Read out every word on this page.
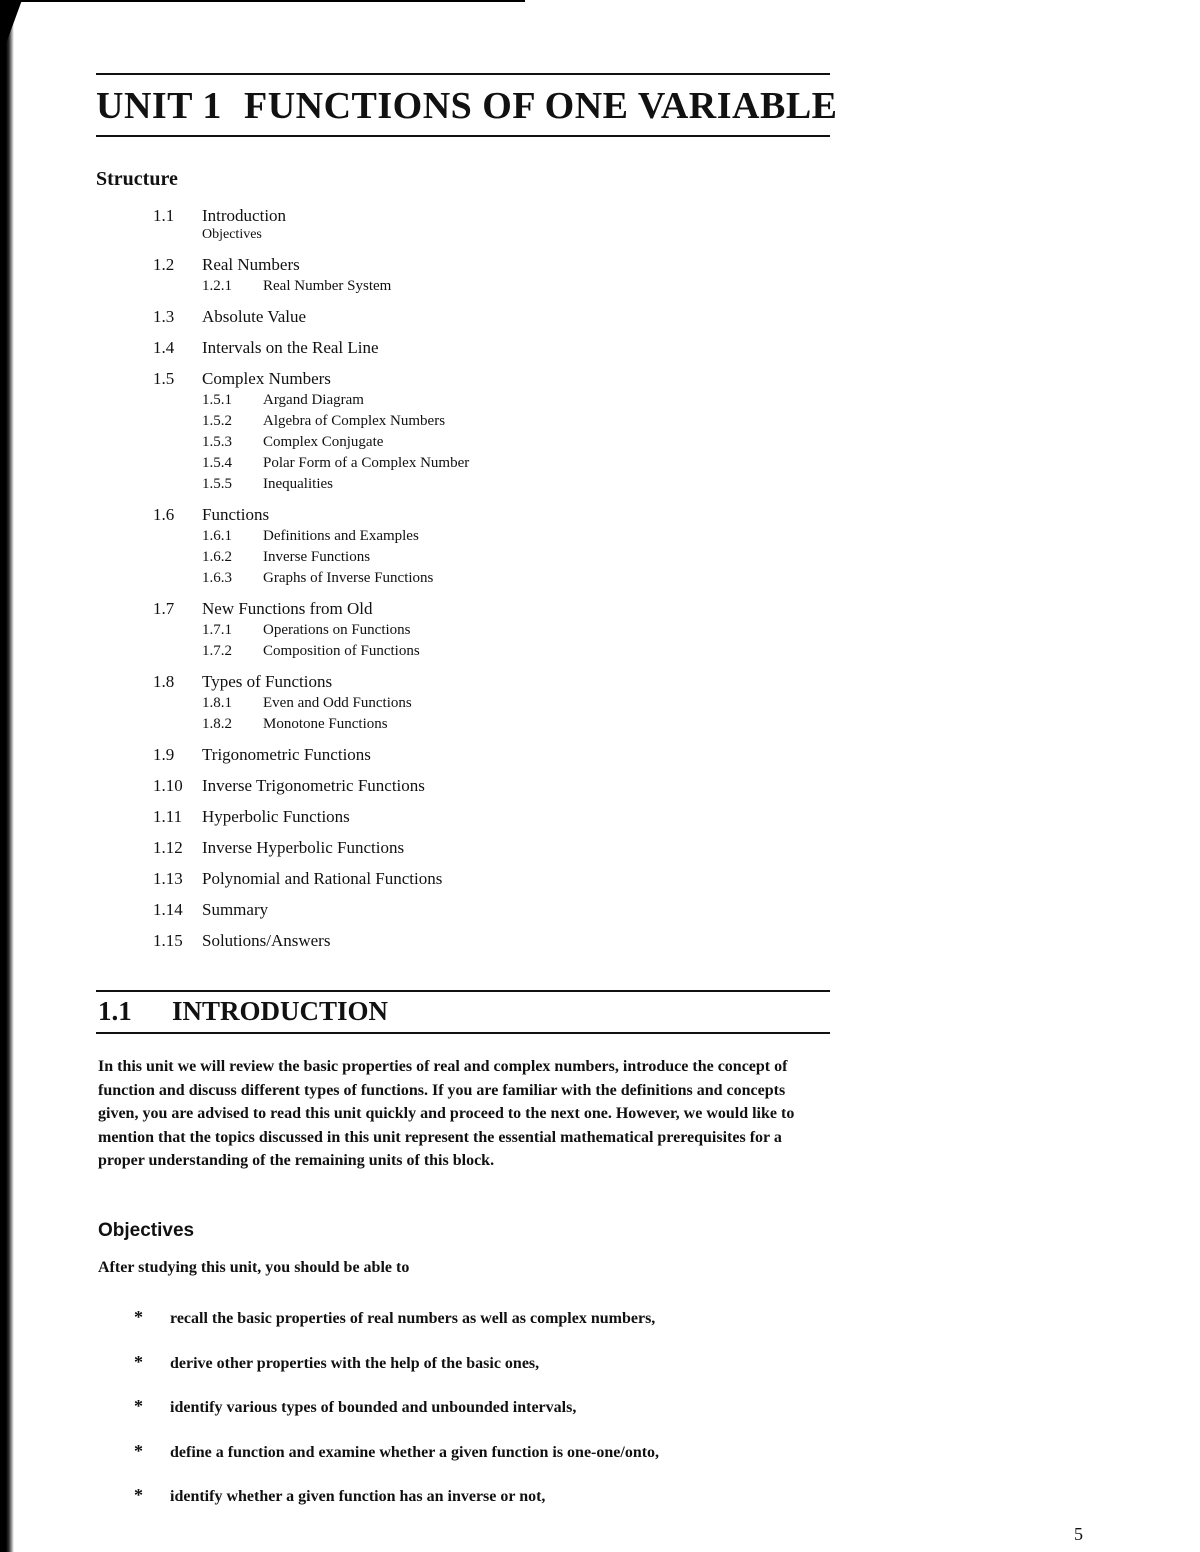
UNIT 1 FUNCTIONS OF ONE VARIABLE
Structure
1.1 Introduction
Objectives
1.2 Real Numbers
1.2.1 Real Number System
1.3 Absolute Value
1.4 Intervals on the Real Line
1.5 Complex Numbers
1.5.1 Argand Diagram
1.5.2 Algebra of Complex Numbers
1.5.3 Complex Conjugate
1.5.4 Polar Form of a Complex Number
1.5.5 Inequalities
1.6 Functions
1.6.1 Definitions and Examples
1.6.2 Inverse Functions
1.6.3 Graphs of Inverse Functions
1.7 New Functions from Old
1.7.1 Operations on Functions
1.7.2 Composition of Functions
1.8 Types of Functions
1.8.1 Even and Odd Functions
1.8.2 Monotone Functions
1.9 Trigonometric Functions
1.10 Inverse Trigonometric Functions
1.11 Hyperbolic Functions
1.12 Inverse Hyperbolic Functions
1.13 Polynomial and Rational Functions
1.14 Summary
1.15 Solutions/Answers
1.1 INTRODUCTION

In this unit we will review the basic properties of real and complex numbers, introduce the concept of function and discuss different types of functions. If you are familiar with the definitions and concepts given, you are advised to read this unit quickly and proceed to the next one. However, we would like to mention that the topics discussed in this unit represent the essential mathematical prerequisites for a proper understanding of the remaining units of this block.

Objectives

After studying this unit, you should be able to

* recall the basic properties of real numbers as well as complex numbers,
* derive other properties with the help of the basic ones,
* identify various types of bounded and unbounded intervals,
* define a function and examine whether a given function is one-one/onto,
* identify whether a given function has an inverse or not,
5
